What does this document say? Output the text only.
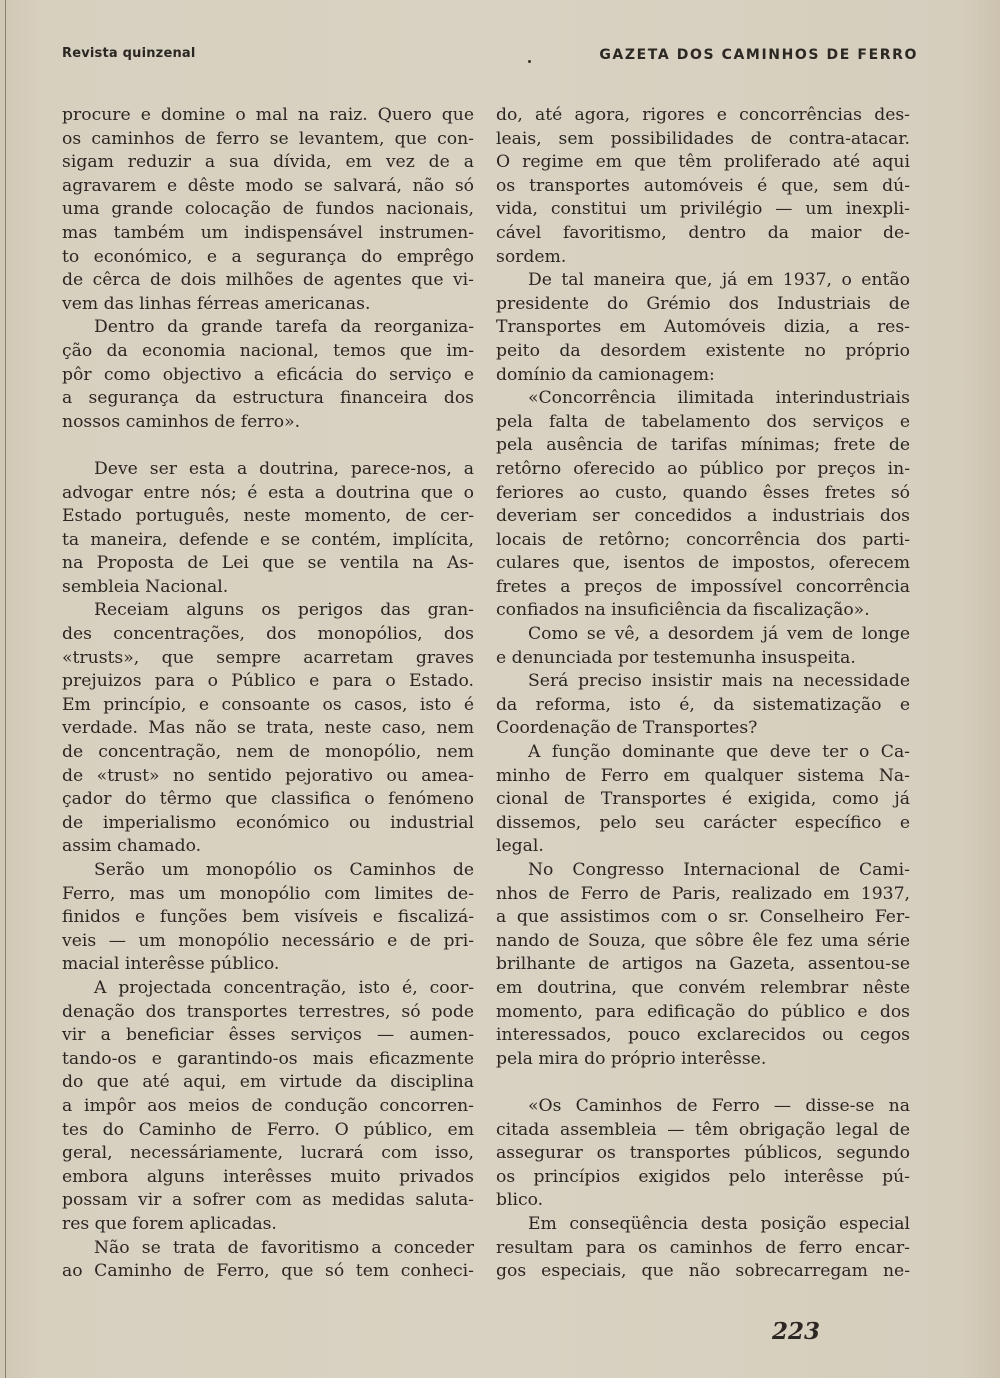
Revista quinzenal	GAZETA DOS CAMINHOS DE FERRO
procure e domine o mal na raiz. Quero que
os caminhos de ferro se levantem, que con-
sigam reduzir a sua dívida, em vez de a
agravarem e dêste modo se salvará, não só
uma grande colocação de fundos nacionais,
mas também um indispensável instrumen-
to económico, e a segurança do emprêgo
de cêrca de dois milhões de agentes que vi-
vem das linhas férreas americanas.
Dentro da grande tarefa da reorganiza-
ção da economia nacional, temos que im-
pôr como objectivo a eficácia do serviço e
a segurança da estructura financeira dos
nossos caminhos de ferro».
Deve ser esta a doutrina, parece-nos, a
advogar entre nós; é esta a doutrina que o
Estado português, neste momento, de cer-
ta maneira, defende e se contém, implícita,
na Proposta de Lei que se ventila na As-
sembleia Nacional.
Receiam alguns os perigos das gran-
des concentrações, dos monopólios, dos
«trusts», que sempre acarretam graves
prejuizos para o Público e para o Estado.
Em princípio, e consoante os casos, isto é
verdade. Mas não se trata, neste caso, nem
de concentração, nem de monopólio, nem
de «trust» no sentido pejorativo ou amea-
çador do têrmo que classifica o fenómeno
de imperialismo económico ou industrial
assim chamado.
Serão um monopólio os Caminhos de
Ferro, mas um monopólio com limites de-
finidos e funções bem visíveis e fiscalizá-
veis — um monopólio necessário e de pri-
macial interêsse público.
A projectada concentração, isto é, coor-
denação dos transportes terrestres, só pode
vir a beneficiar êsses serviços — aumen-
tando-os e garantindo-os mais eficazmente
do que até aqui, em virtude da disciplina
a impôr aos meios de condução concorren-
tes do Caminho de Ferro. O público, em
geral, necessáriamente, lucrará com isso,
embora alguns interêsses muito privados
possam vir a sofrer com as medidas saluta-
res que forem aplicadas.
Não se trata de favoritismo a conceder
ao Caminho de Ferro, que só tem conheci-
do, até agora, rigores e concorrências des-
leais, sem possibilidades de contra-atacar.
O regime em que têm proliferado até aqui
os transportes automóveis é que, sem dú-
vida, constitui um privilégio — um inexpli-
cável favoritismo, dentro da maior de-
sordem.
De tal maneira que, já em 1937, o então
presidente do Grémio dos Industriais de
Transportes em Automóveis dizia, a res-
peito da desordem existente no próprio
domínio da camionagem:
«Concorrência ilimitada interindustriais
pela falta de tabelamento dos serviços e
pela ausência de tarifas mínimas; frete de
retôrno oferecido ao público por preços in-
feriores ao custo, quando êsses fretes só
deveriam ser concedidos a industriais dos
locais de retôrno; concorrência dos parti-
culares que, isentos de impostos, oferecem
fretes a preços de impossível concorrência
confiados na insuficiência da fiscalização».
Como se vê, a desordem já vem de longe
e denunciada por testemunha insuspeita.
Será preciso insistir mais na necessidade
da reforma, isto é, da sistematização e
Coordenação de Transportes?
A função dominante que deve ter o Ca-
minho de Ferro em qualquer sistema Na-
cional de Transportes é exigida, como já
dissemos, pelo seu carácter específico e
legal.
No Congresso Internacional de Cami-
nhos de Ferro de Paris, realizado em 1937,
a que assistimos com o sr. Conselheiro Fer-
nando de Souza, que sôbre êle fez uma série
brilhante de artigos na Gazeta, assentou-se
em doutrina, que convém relembrar nêste
momento, para edificação do público e dos
interessados, pouco exclarecidos ou cegos
pela mira do próprio interêsse.
«Os Caminhos de Ferro — disse-se na
citada assembleia — têm obrigação legal de
assegurar os transportes públicos, segundo
os princípios exigidos pelo interêsse pú-
blico.
Em conseqüência desta posição especial
resultam para os caminhos de ferro encar-
gos especiais, que não sobrecarregam ne-
223
